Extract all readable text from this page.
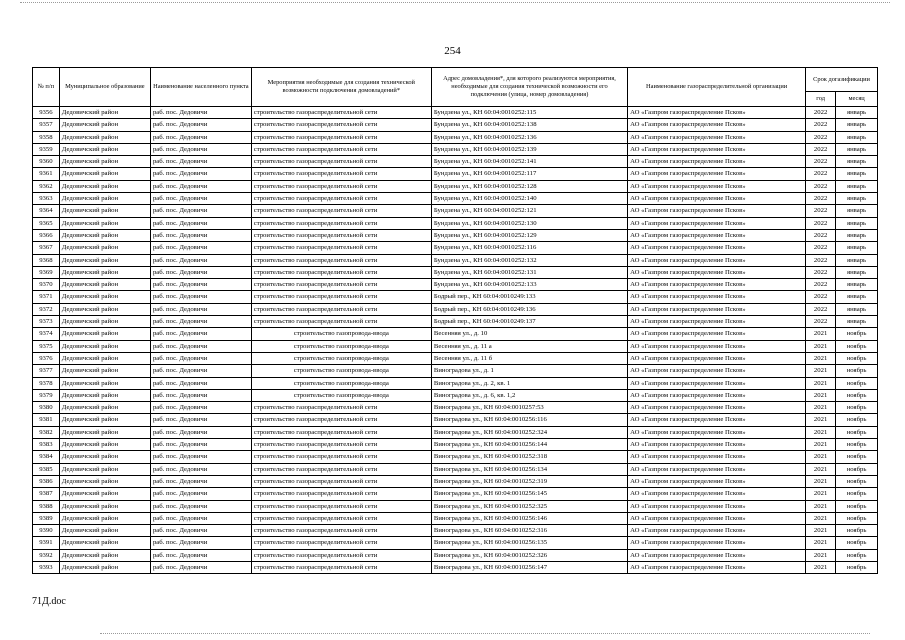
254
№ п/п	Муниципальное образование	Наименование населенного пункта	Мероприятия необходимые для создания технической возможности подключения домовладений*	Адрес домовладения*, для которого реализуются мероприятия, необходимые для создания технической возможности его подключения (улица, номер домовладения)	Наименование газораспределительной организации	Срок догазификации	
						год	месяц
9356	Дедовичский район	раб. пос. Дедовичи	строительство газораспределительной сети	Бундзена ул., КН 60:04:0010252:115	АО «Газпром газораспределение Псков»	2022	январь
9357	Дедовичский район	раб. пос. Дедовичи	строительство газораспределительной сети	Бундзена ул., КН 60:04:0010252:138	АО «Газпром газораспределение Псков»	2022	январь
9358	Дедовичский район	раб. пос. Дедовичи	строительство газораспределительной сети	Бундзена ул., КН 60:04:0010252:136	АО «Газпром газораспределение Псков»	2022	январь
9359	Дедовичский район	раб. пос. Дедовичи	строительство газораспределительной сети	Бундзена ул., КН 60:04:0010252:139	АО «Газпром газораспределение Псков»	2022	январь
9360	Дедовичский район	раб. пос. Дедовичи	строительство газораспределительной сети	Бундзена ул., КН 60:04:0010252:141	АО «Газпром газораспределение Псков»	2022	январь
9361	Дедовичский район	раб. пос. Дедовичи	строительство газораспределительной сети	Бундзена ул., КН 60:04:0010252:117	АО «Газпром газораспределение Псков»	2022	январь
9362	Дедовичский район	раб. пос. Дедовичи	строительство газораспределительной сети	Бундзена ул., КН 60:04:0010252:128	АО «Газпром газораспределение Псков»	2022	январь
9363	Дедовичский район	раб. пос. Дедовичи	строительство газораспределительной сети	Бундзена ул., КН 60:04:0010252:140	АО «Газпром газораспределение Псков»	2022	январь
9364	Дедовичский район	раб. пос. Дедовичи	строительство газораспределительной сети	Бундзена ул., КН 60:04:0010252:121	АО «Газпром газораспределение Псков»	2022	январь
9365	Дедовичский район	раб. пос. Дедовичи	строительство газораспределительной сети	Бундзена ул., КН 60:04:0010252:130	АО «Газпром газораспределение Псков»	2022	январь
9366	Дедовичский район	раб. пос. Дедовичи	строительство газораспределительной сети	Бундзена ул., КН 60:04:0010252:129	АО «Газпром газораспределение Псков»	2022	январь
9367	Дедовичский район	раб. пос. Дедовичи	строительство газораспределительной сети	Бундзена ул., КН 60:04:0010252:116	АО «Газпром газораспределение Псков»	2022	январь
9368	Дедовичский район	раб. пос. Дедовичи	строительство газораспределительной сети	Бундзена ул., КН 60:04:0010252:132	АО «Газпром газораспределение Псков»	2022	январь
9369	Дедовичский район	раб. пос. Дедовичи	строительство газораспределительной сети	Бундзена ул., КН 60:04:0010252:131	АО «Газпром газораспределение Псков»	2022	январь
9370	Дедовичский район	раб. пос. Дедовичи	строительство газораспределительной сети	Бундзена ул., КН 60:04:0010252:133	АО «Газпром газораспределение Псков»	2022	январь
9371	Дедовичский район	раб. пос. Дедовичи	строительство газораспределительной сети	Бодрый пер., КН 60:04:0010249:133	АО «Газпром газораспределение Псков»	2022	январь
9372	Дедовичский район	раб. пос. Дедовичи	строительство газораспределительной сети	Бодрый пер., КН 60:04:0010249:136	АО «Газпром газораспределение Псков»	2022	январь
9373	Дедовичский район	раб. пос. Дедовичи	строительство газораспределительной сети	Бодрый пер., КН 60:04:0010249:137	АО «Газпром газораспределение Псков»	2022	январь
9374	Дедовичский район	раб. пос. Дедовичи	строительство газопровода-ввода	Весенняя ул., д. 10	АО «Газпром газораспределение Псков»	2021	ноябрь
9375	Дедовичский район	раб. пос. Дедовичи	строительство газопровода-ввода	Весенняя ул., д. 11 а	АО «Газпром газораспределение Псков»	2021	ноябрь
9376	Дедовичский район	раб. пос. Дедовичи	строительство газопровода-ввода	Весенняя ул., д. 11 б	АО «Газпром газораспределение Псков»	2021	ноябрь
9377	Дедовичский район	раб. пос. Дедовичи	строительство газопровода-ввода	Виноградова ул., д. 1	АО «Газпром газораспределение Псков»	2021	ноябрь
9378	Дедовичский район	раб. пос. Дедовичи	строительство газопровода-ввода	Виноградова ул., д. 2, кв. 1	АО «Газпром газораспределение Псков»	2021	ноябрь
9379	Дедовичский район	раб. пос. Дедовичи	строительство газопровода-ввода	Виноградова ул., д. 6, кв. 1,2	АО «Газпром газораспределение Псков»	2021	ноябрь
9380	Дедовичский район	раб. пос. Дедовичи	строительство газораспределительной сети	Виноградова ул., КН 60:04:0010257:53	АО «Газпром газораспределение Псков»	2021	ноябрь
9381	Дедовичский район	раб. пос. Дедовичи	строительство газораспределительной сети	Виноградова ул., КН 60:04:0010256:116	АО «Газпром газораспределение Псков»	2021	ноябрь
9382	Дедовичский район	раб. пос. Дедовичи	строительство газораспределительной сети	Виноградова ул., КН 60:04:0010252:324	АО «Газпром газораспределение Псков»	2021	ноябрь
9383	Дедовичский район	раб. пос. Дедовичи	строительство газораспределительной сети	Виноградова ул., КН 60:04:0010256:144	АО «Газпром газораспределение Псков»	2021	ноябрь
9384	Дедовичский район	раб. пос. Дедовичи	строительство газораспределительной сети	Виноградова ул., КН 60:04:0010252:318	АО «Газпром газораспределение Псков»	2021	ноябрь
9385	Дедовичский район	раб. пос. Дедовичи	строительство газораспределительной сети	Виноградова ул., КН 60:04:0010256:134	АО «Газпром газораспределение Псков»	2021	ноябрь
9386	Дедовичский район	раб. пос. Дедовичи	строительство газораспределительной сети	Виноградова ул., КН 60:04:0010252:319	АО «Газпром газораспределение Псков»	2021	ноябрь
9387	Дедовичский район	раб. пос. Дедовичи	строительство газораспределительной сети	Виноградова ул., КН 60:04:0010256:145	АО «Газпром газораспределение Псков»	2021	ноябрь
9388	Дедовичский район	раб. пос. Дедовичи	строительство газораспределительной сети	Виноградова ул., КН 60:04:0010252:325	АО «Газпром газораспределение Псков»	2021	ноябрь
9389	Дедовичский район	раб. пос. Дедовичи	строительство газораспределительной сети	Виноградова ул., КН 60:04:0010256:146	АО «Газпром газораспределение Псков»	2021	ноябрь
9390	Дедовичский район	раб. пос. Дедовичи	строительство газораспределительной сети	Виноградова ул., КН 60:04:0010252:316	АО «Газпром газораспределение Псков»	2021	ноябрь
9391	Дедовичский район	раб. пос. Дедовичи	строительство газораспределительной сети	Виноградова ул., КН 60:04:0010256:135	АО «Газпром газораспределение Псков»	2021	ноябрь
9392	Дедовичский район	раб. пос. Дедовичи	строительство газораспределительной сети	Виноградова ул., КН 60:04:0010252:326	АО «Газпром газораспределение Псков»	2021	ноябрь
9393	Дедовичский район	раб. пос. Дедовичи	строительство газораспределительной сети	Виноградова ул., КН 60:04:0010256:147	АО «Газпром газораспределение Псков»	2021	ноябрь
71Д.doc
